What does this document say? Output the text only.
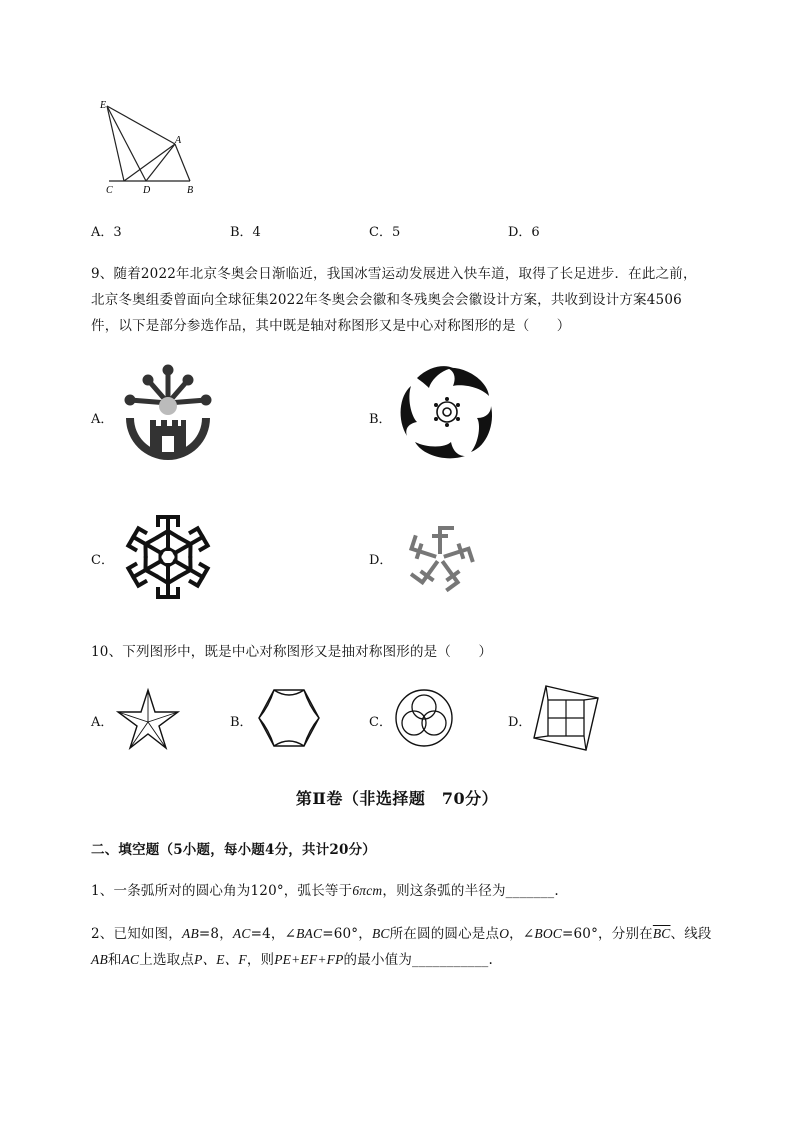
E
A
C	D	B
A．3	B．4	C．5	D．6
9、随着2022年北京冬奥会日渐临近，我国冰雪运动发展进入快车道，取得了长足进步．在此之前，
北京冬奥组委曾面向全球征集2022年冬奥会会徽和冬残奥会会徽设计方案，共收到设计方案4506
件，以下是部分参选作品，其中既是轴对称图形又是中心对称图形的是（　　）
A．	B．
C．	D．
10、下列图形中，既是中心对称图形又是抽对称图形的是（　　）
A．	B．	C．	D．
第Ⅱ卷（非选择题　70分）
二、填空题（5小题，每小题4分，共计20分）
1、一条弧所对的圆心角为120°，弧长等于6πcm，则这条弧的半径为_______.
2、已知如图，AB=8，AC=4，∠BAC=60°，BC所在圆的圆心是点O，∠BOC=60°，分别在$\overline{BC}$、线段
AB和AC上选取点P、E、F，则PE+EF+FP的最小值为___________.
